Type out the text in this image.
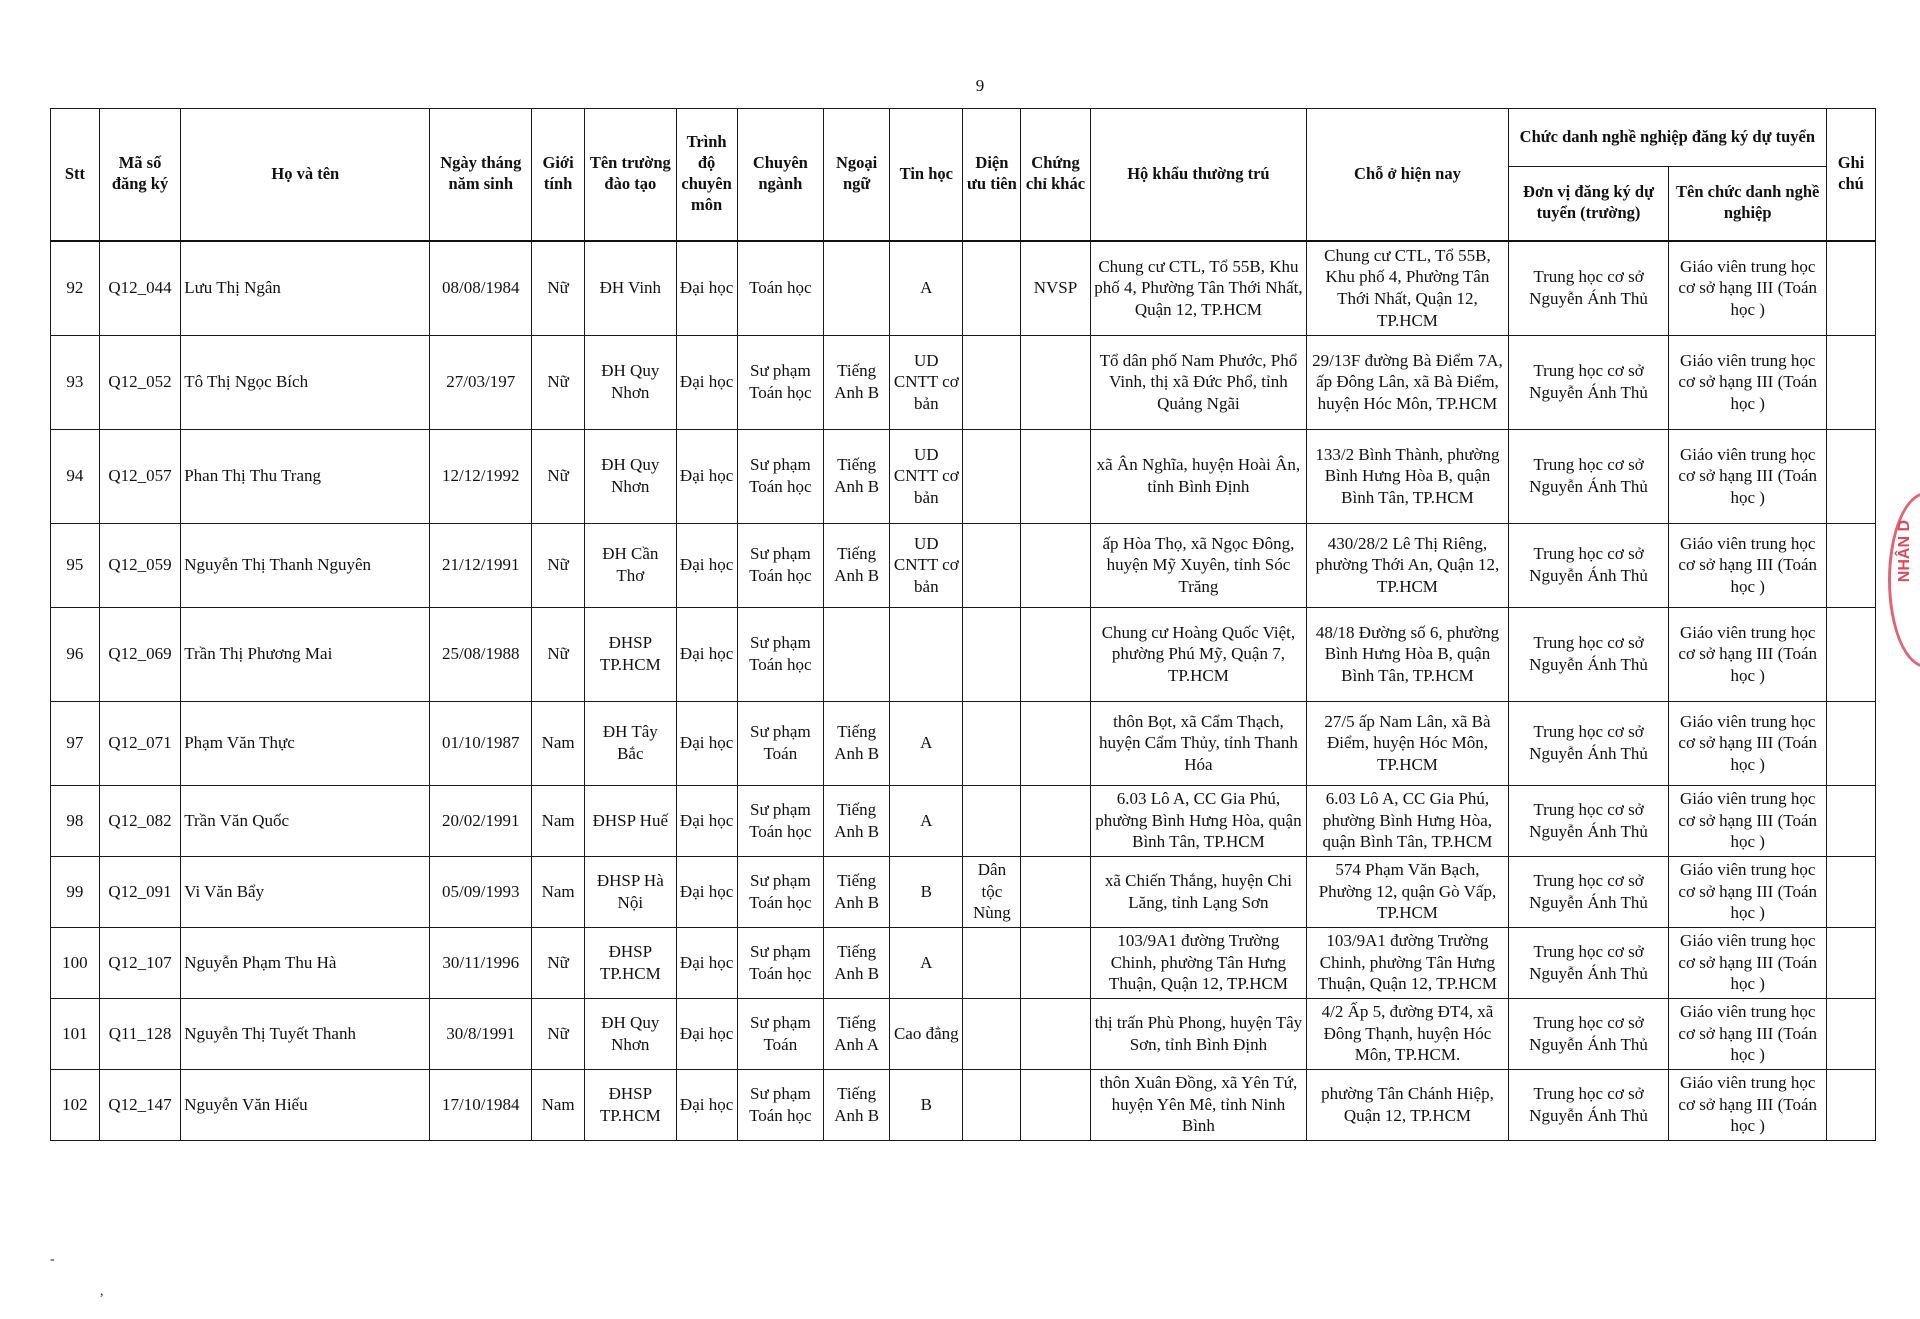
9
Stt	Mã số đăng ký	Họ và tên	Ngày tháng năm sinh	Giới tính	Tên trường đào tạo	Trình độ chuyên môn	Chuyên ngành	Ngoại ngữ	Tin học	Diện ưu tiên	Chứng chỉ khác	Hộ khẩu thường trú	Chỗ ở hiện nay	Chức danh nghề nghiệp đăng ký dự tuyển		Ghi chú
														Đơn vị đăng ký dự tuyển (trường)	Tên chức danh nghề nghiệp	
92	Q12_044	Lưu Thị Ngân	08/08/1984	Nữ	ĐH Vinh	Đại học	Toán học		A		NVSP	Chung cư CTL, Tổ 55B, Khu phố 4, Phường Tân Thới Nhất, Quận 12, TP.HCM	Chung cư CTL, Tổ 55B, Khu phố 4, Phường Tân Thới Nhất, Quận 12, TP.HCM	Trung học cơ sở Nguyễn Ánh Thủ	Giáo viên trung học cơ sở hạng III (Toán học )	
93	Q12_052	Tô Thị Ngọc Bích	27/03/197	Nữ	ĐH Quy Nhơn	Đại học	Sư phạm Toán học	Tiếng Anh B	UD CNTT cơ bản			Tổ dân phố Nam Phước, Phổ Vinh, thị xã Đức Phổ, tỉnh Quảng Ngãi	29/13F đường Bà Điểm 7A, ấp Đông Lân, xã Bà Điểm, huyện Hóc Môn, TP.HCM	Trung học cơ sở Nguyễn Ánh Thủ	Giáo viên trung học cơ sở hạng III (Toán học )	
94	Q12_057	Phan Thị Thu Trang	12/12/1992	Nữ	ĐH Quy Nhơn	Đại học	Sư phạm Toán học	Tiếng Anh B	UD CNTT cơ bản			xã Ân Nghĩa, huyện Hoài Ân, tỉnh Bình Định	133/2 Bình Thành, phường Bình Hưng Hòa B, quận Bình Tân, TP.HCM	Trung học cơ sở Nguyễn Ánh Thủ	Giáo viên trung học cơ sở hạng III (Toán học )	
95	Q12_059	Nguyễn Thị Thanh Nguyên	21/12/1991	Nữ	ĐH Cần Thơ	Đại học	Sư phạm Toán học	Tiếng Anh B	UD CNTT cơ bản			ấp Hòa Thọ, xã Ngọc Đông, huyện Mỹ Xuyên, tỉnh Sóc Trăng	430/28/2 Lê Thị Riêng, phường Thới An, Quận 12, TP.HCM	Trung học cơ sở Nguyễn Ánh Thủ	Giáo viên trung học cơ sở hạng III (Toán học )	
96	Q12_069	Trần Thị Phương Mai	25/08/1988	Nữ	ĐHSP TP.HCM	Đại học	Sư phạm Toán học					Chung cư Hoàng Quốc Việt, phường Phú Mỹ, Quận 7, TP.HCM	48/18 Đường số 6, phường Bình Hưng Hòa B, quận Bình Tân, TP.HCM	Trung học cơ sở Nguyễn Ánh Thủ	Giáo viên trung học cơ sở hạng III (Toán học )	
97	Q12_071	Phạm Văn Thực	01/10/1987	Nam	ĐH Tây Bắc	Đại học	Sư phạm Toán	Tiếng Anh B	A			thôn Bọt, xã Cẩm Thạch, huyện Cẩm Thủy, tỉnh Thanh Hóa	27/5 ấp Nam Lân, xã Bà Điểm, huyện Hóc Môn, TP.HCM	Trung học cơ sở Nguyễn Ánh Thủ	Giáo viên trung học cơ sở hạng III (Toán học )	
98	Q12_082	Trần Văn Quốc	20/02/1991	Nam	ĐHSP Huế	Đại học	Sư phạm Toán học	Tiếng Anh B	A			6.03 Lô A, CC Gia Phú, phường Bình Hưng Hòa, quận Bình Tân, TP.HCM	6.03 Lô A, CC Gia Phú, phường Bình Hưng Hòa, quận Bình Tân, TP.HCM	Trung học cơ sở Nguyễn Ánh Thủ	Giáo viên trung học cơ sở hạng III (Toán học )	
99	Q12_091	Vi Văn Bẩy	05/09/1993	Nam	ĐHSP Hà Nội	Đại học	Sư phạm Toán học	Tiếng Anh B	B	Dân tộc Nùng		xã Chiến Thắng, huyện Chi Lăng, tỉnh Lạng Sơn	574 Phạm Văn Bạch, Phường 12, quận Gò Vấp, TP.HCM	Trung học cơ sở Nguyễn Ánh Thủ	Giáo viên trung học cơ sở hạng III (Toán học )	
100	Q12_107	Nguyễn Phạm Thu Hà	30/11/1996	Nữ	ĐHSP TP.HCM	Đại học	Sư phạm Toán học	Tiếng Anh B	A			103/9A1 đường Trường Chinh, phường Tân Hưng Thuận, Quận 12, TP.HCM	103/9A1 đường Trường Chinh, phường Tân Hưng Thuận, Quận 12, TP.HCM	Trung học cơ sở Nguyễn Ánh Thủ	Giáo viên trung học cơ sở hạng III (Toán học )	
101	Q11_128	Nguyễn Thị Tuyết Thanh	30/8/1991	Nữ	ĐH Quy Nhơn	Đại học	Sư phạm Toán	Tiếng Anh A	Cao đẳng			thị trấn Phù Phong, huyện Tây Sơn, tỉnh Bình Định	4/2 Ấp 5, đường ĐT4, xã Đông Thạnh, huyện Hóc Môn, TP.HCM.	Trung học cơ sở Nguyễn Ánh Thủ	Giáo viên trung học cơ sở hạng III (Toán học )	
102	Q12_147	Nguyễn Văn Hiếu	17/10/1984	Nam	ĐHSP TP.HCM	Đại học	Sư phạm Toán học	Tiếng Anh B	B			thôn Xuân Đồng, xã Yên Tứ, huyện Yên Mê, tỉnh Ninh Bình	phường Tân Chánh Hiệp, Quận 12, TP.HCM	Trung học cơ sở Nguyễn Ánh Thủ	Giáo viên trung học cơ sở hạng III (Toán học )	
-
,
NHÂN D
